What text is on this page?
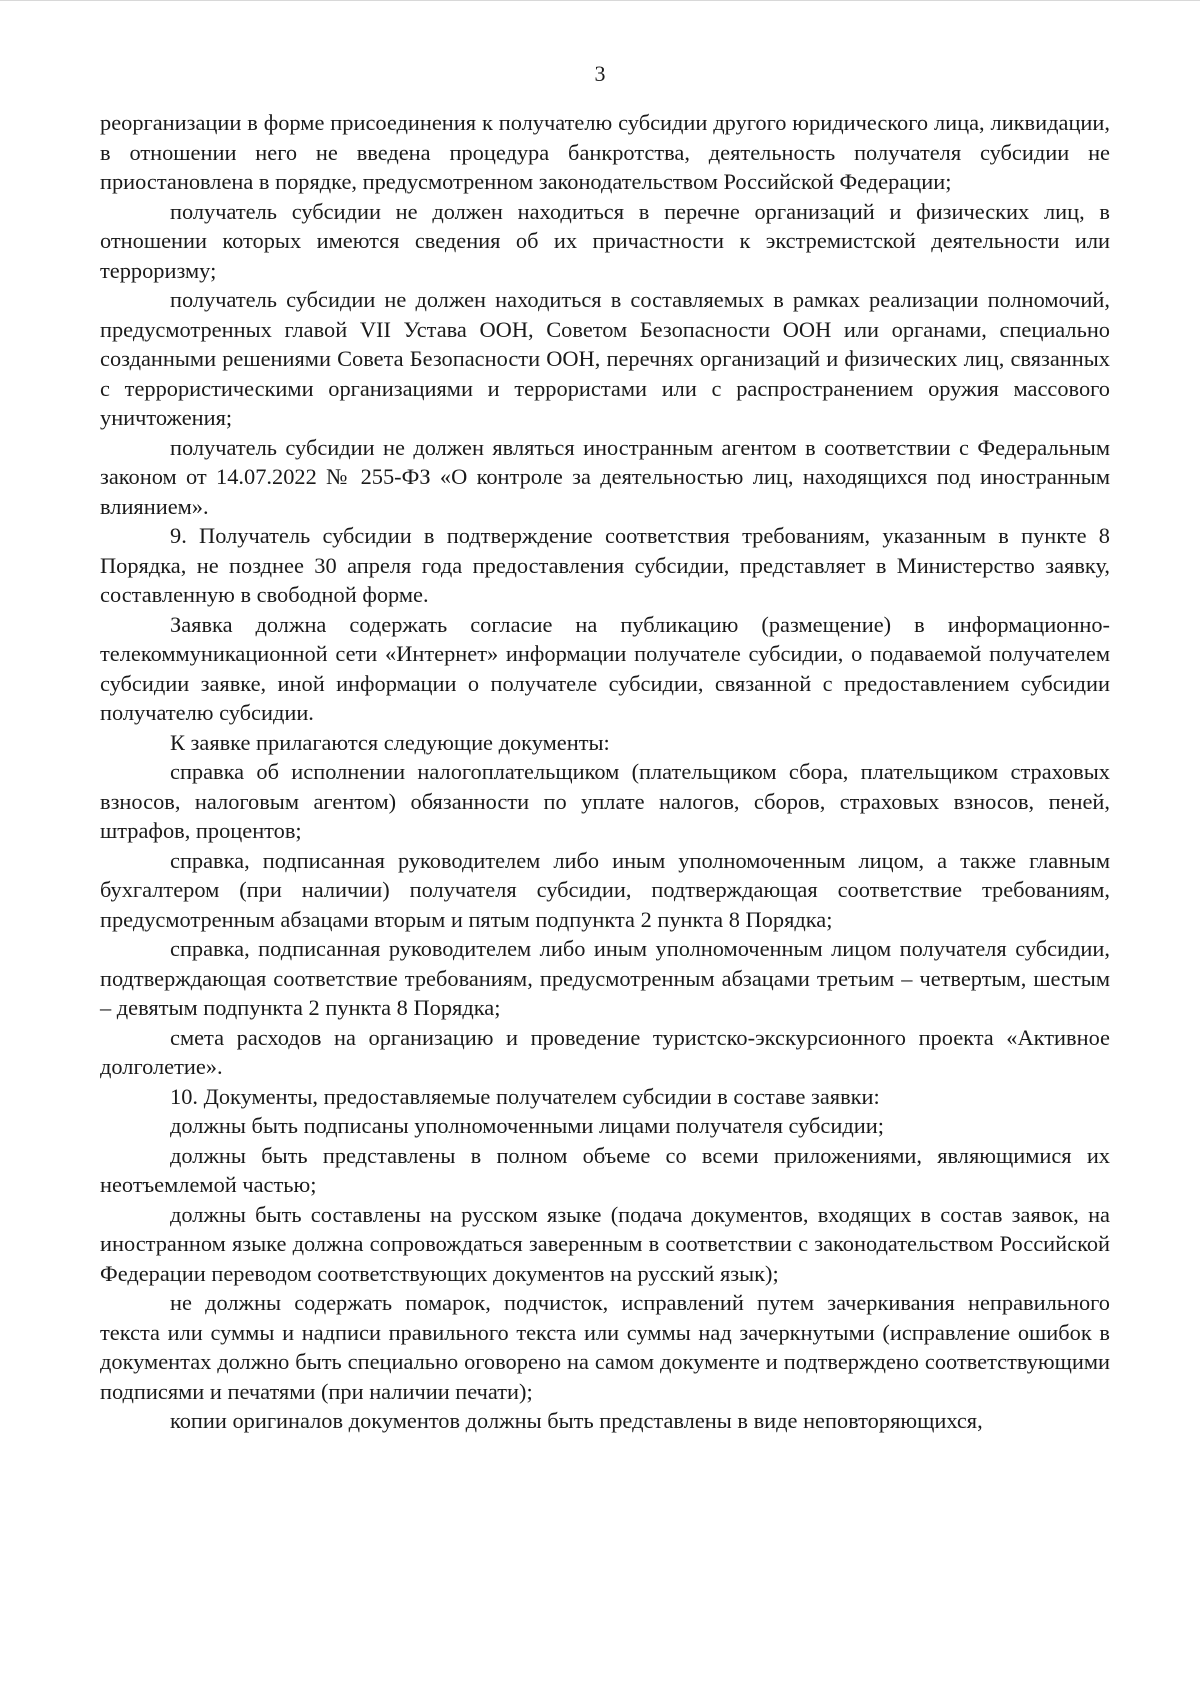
3

реорганизации в форме присоединения к получателю субсидии другого юридического лица, ликвидации, в отношении него не введена процедура банкротства, деятельность получателя субсидии не приостановлена в порядке, предусмотренном законодательством Российской Федерации;

получатель субсидии не должен находиться в перечне организаций и физических лиц, в отношении которых имеются сведения об их причастности к экстремистской деятельности или терроризму;

получатель субсидии не должен находиться в составляемых в рамках реализации полномочий, предусмотренных главой VII Устава ООН, Советом Безопасности ООН или органами, специально созданными решениями Совета Безопасности ООН, перечнях организаций и физических лиц, связанных с террористическими организациями и террористами или с распространением оружия массового уничтожения;

получатель субсидии не должен являться иностранным агентом в соответствии с Федеральным законом от 14.07.2022 № 255-ФЗ «О контроле за деятельностью лиц, находящихся под иностранным влиянием».

9. Получатель субсидии в подтверждение соответствия требованиям, указанным в пункте 8 Порядка, не позднее 30 апреля года предоставления субсидии, представляет в Министерство заявку, составленную в свободной форме.

Заявка должна содержать согласие на публикацию (размещение) в информационно-телекоммуникационной сети «Интернет» информации получателе субсидии, о подаваемой получателем субсидии заявке, иной информации о получателе субсидии, связанной с предоставлением субсидии получателю субсидии.

К заявке прилагаются следующие документы:

справка об исполнении налогоплательщиком (плательщиком сбора, плательщиком страховых взносов, налоговым агентом) обязанности по уплате налогов, сборов, страховых взносов, пеней, штрафов, процентов;

справка, подписанная руководителем либо иным уполномоченным лицом, а также главным бухгалтером (при наличии) получателя субсидии, подтверждающая соответствие требованиям, предусмотренным абзацами вторым и пятым подпункта 2 пункта 8 Порядка;

справка, подписанная руководителем либо иным уполномоченным лицом получателя субсидии, подтверждающая соответствие требованиям, предусмотренным абзацами третьим – четвертым, шестым – девятым подпункта 2 пункта 8 Порядка;

смета расходов на организацию и проведение туристско-экскурсионного проекта «Активное долголетие».

10. Документы, предоставляемые получателем субсидии в составе заявки:

должны быть подписаны уполномоченными лицами получателя субсидии;

должны быть представлены в полном объеме со всеми приложениями, являющимися их неотъемлемой частью;

должны быть составлены на русском языке (подача документов, входящих в состав заявок, на иностранном языке должна сопровождаться заверенным в соответствии с законодательством Российской Федерации переводом соответствующих документов на русский язык);

не должны содержать помарок, подчисток, исправлений путем зачеркивания неправильного текста или суммы и надписи правильного текста или суммы над зачеркнутыми (исправление ошибок в документах должно быть специально оговорено на самом документе и подтверждено соответствующими подписями и печатями (при наличии печати);

копии оригиналов документов должны быть представлены в виде неповторяющихся,
